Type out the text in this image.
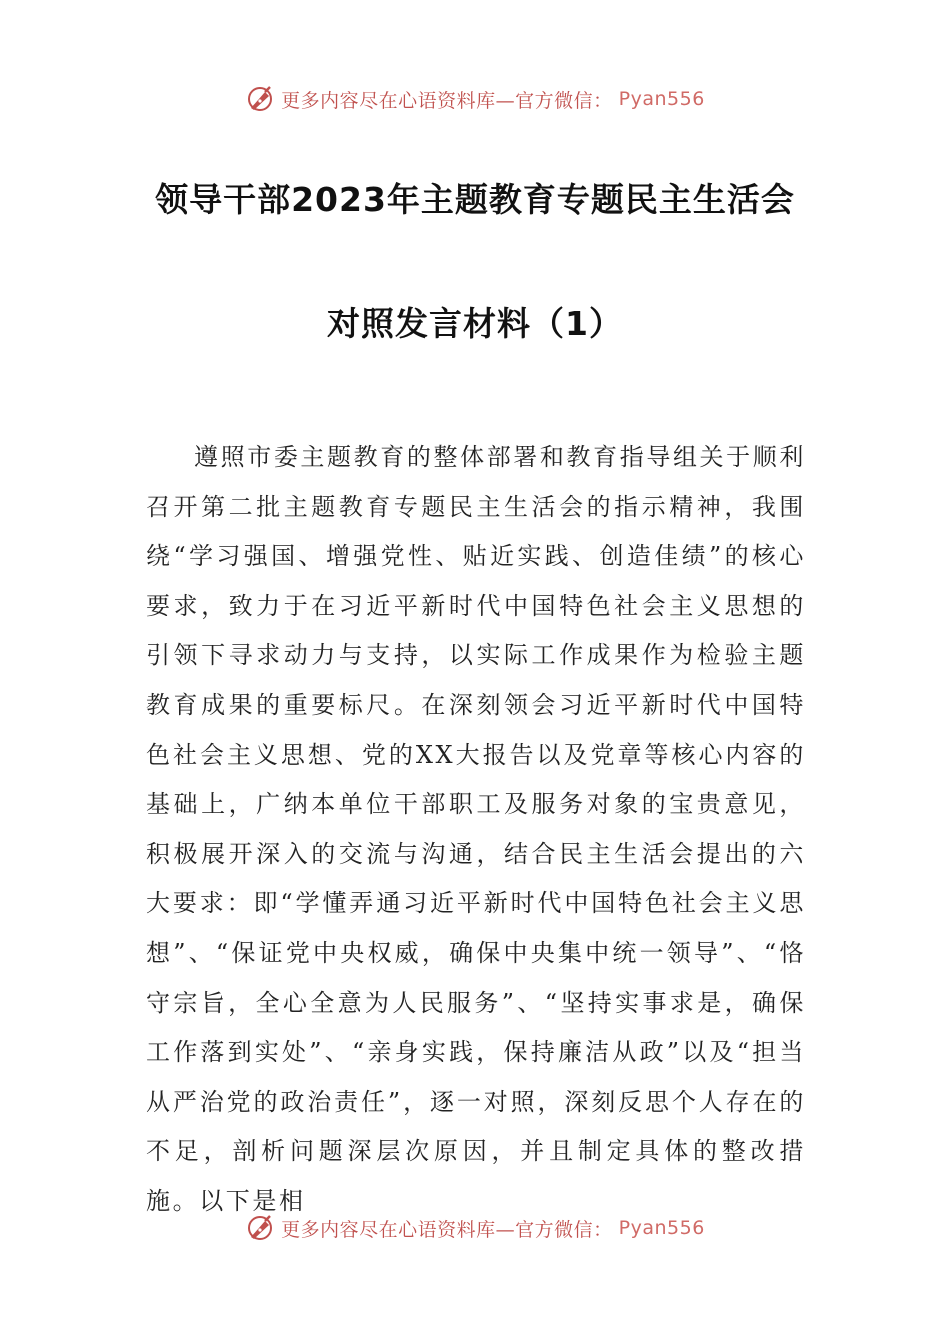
更多内容尽在心语资料库—官方微信： Pyan556
领导干部2023年主题教育专题民主生活会
对照发言材料（1）

遵照市委主题教育的整体部署和教育指导组关于顺利召开第二批主题教育专题民主生活会的指示精神，我围绕“学习强国、增强党性、贴近实践、创造佳绩”的核心要求，致力于在习近平新时代中国特色社会主义思想的引领下寻求动力与支持，以实际工作成果作为检验主题教育成果的重要标尺。在深刻领会习近平新时代中国特色社会主义思想、党的XX大报告以及党章等核心内容的基础上，广纳本单位干部职工及服务对象的宝贵意见，积极展开深入的交流与沟通，结合民主生活会提出的六大要求：即“学懂弄通习近平新时代中国特色社会主义思想”、“保证党中央权威，确保中央集中统一领导”、“恪守宗旨，全心全意为人民服务”、“坚持实事求是，确保工作落到实处”、“亲身实践，保持廉洁从政”以及“担当从严治党的政治责任”，逐一对照，深刻反思个人存在的不足，剖析问题深层次原因，并且制定具体的整改措施。以下是相

更多内容尽在心语资料库—官方微信： Pyan556
